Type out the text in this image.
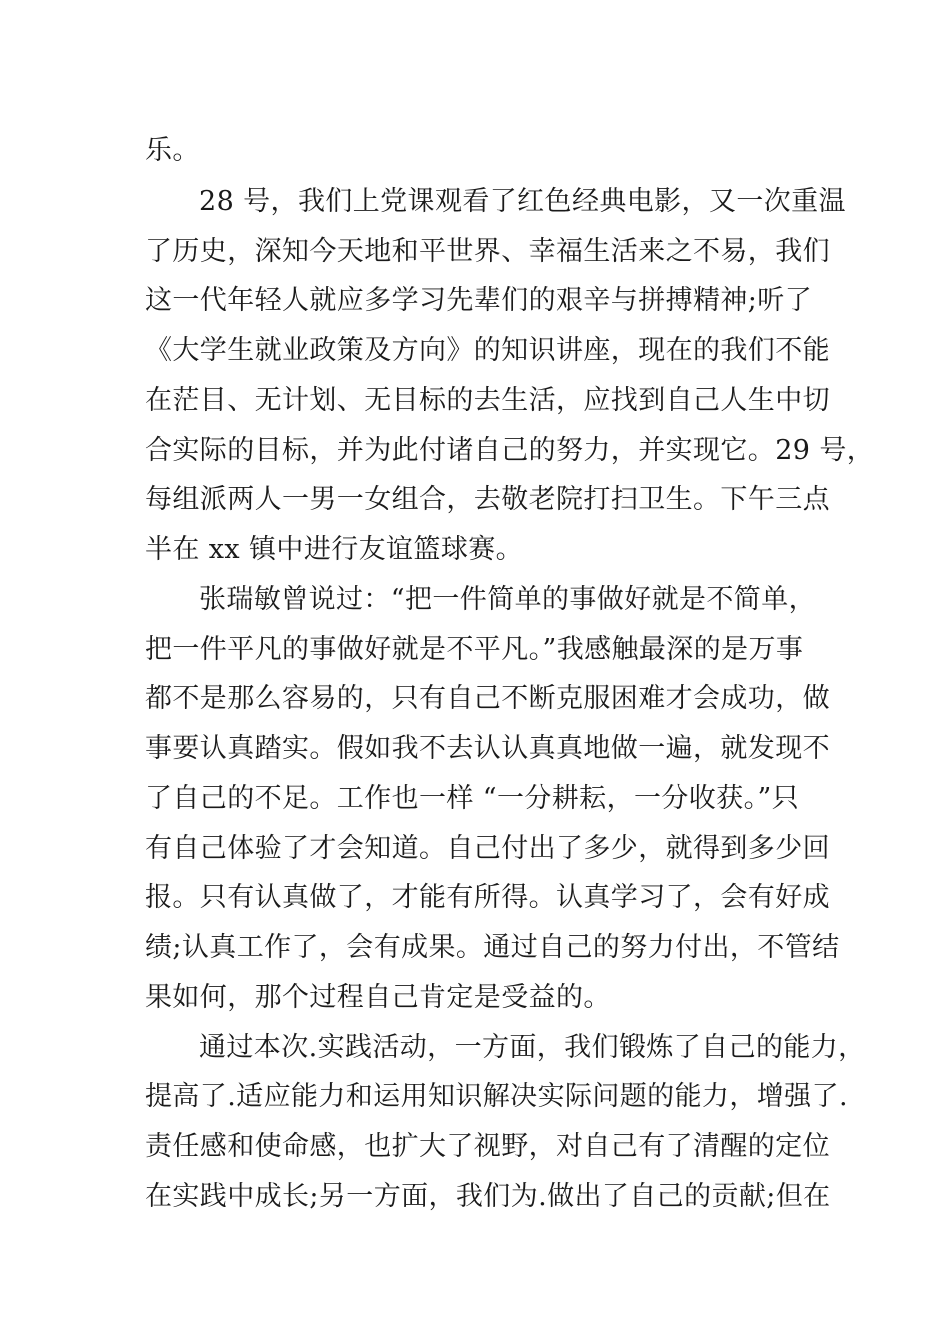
乐。
28 号，我们上党课观看了红色经典电影，又一次重温
了历史，深知今天地和平世界、幸福生活来之不易，我们
这一代年轻人就应多学习先辈们的艰辛与拼搏精神;听了
《大学生就业政策及方向》的知识讲座，现在的我们不能
在茫目、无计划、无目标的去生活，应找到自己人生中切
合实际的目标，并为此付诸自己的努力，并实现它。29 号，
每组派两人一男一女组合，去敬老院打扫卫生。下午三点
半在 xx 镇中进行友谊篮球赛。
张瑞敏曾说过：“把一件简单的事做好就是不简单，
把一件平凡的事做好就是不平凡。”我感触最深的是万事
都不是那么容易的，只有自己不断克服困难才会成功，做
事要认真踏实。假如我不去认认真真地做一遍，就发现不
了自己的不足。工作也一样 “一分耕耘，一分收获。”只
有自己体验了才会知道。自己付出了多少，就得到多少回
报。只有认真做了，才能有所得。认真学习了，会有好成
绩;认真工作了，会有成果。通过自己的努力付出，不管结
果如何，那个过程自己肯定是受益的。
通过本次.实践活动，一方面，我们锻炼了自己的能力，
提高了.适应能力和运用知识解决实际问题的能力，增强了.
责任感和使命感，也扩大了视野，对自己有了清醒的定位
在实践中成长;另一方面，我们为.做出了自己的贡献;但在
